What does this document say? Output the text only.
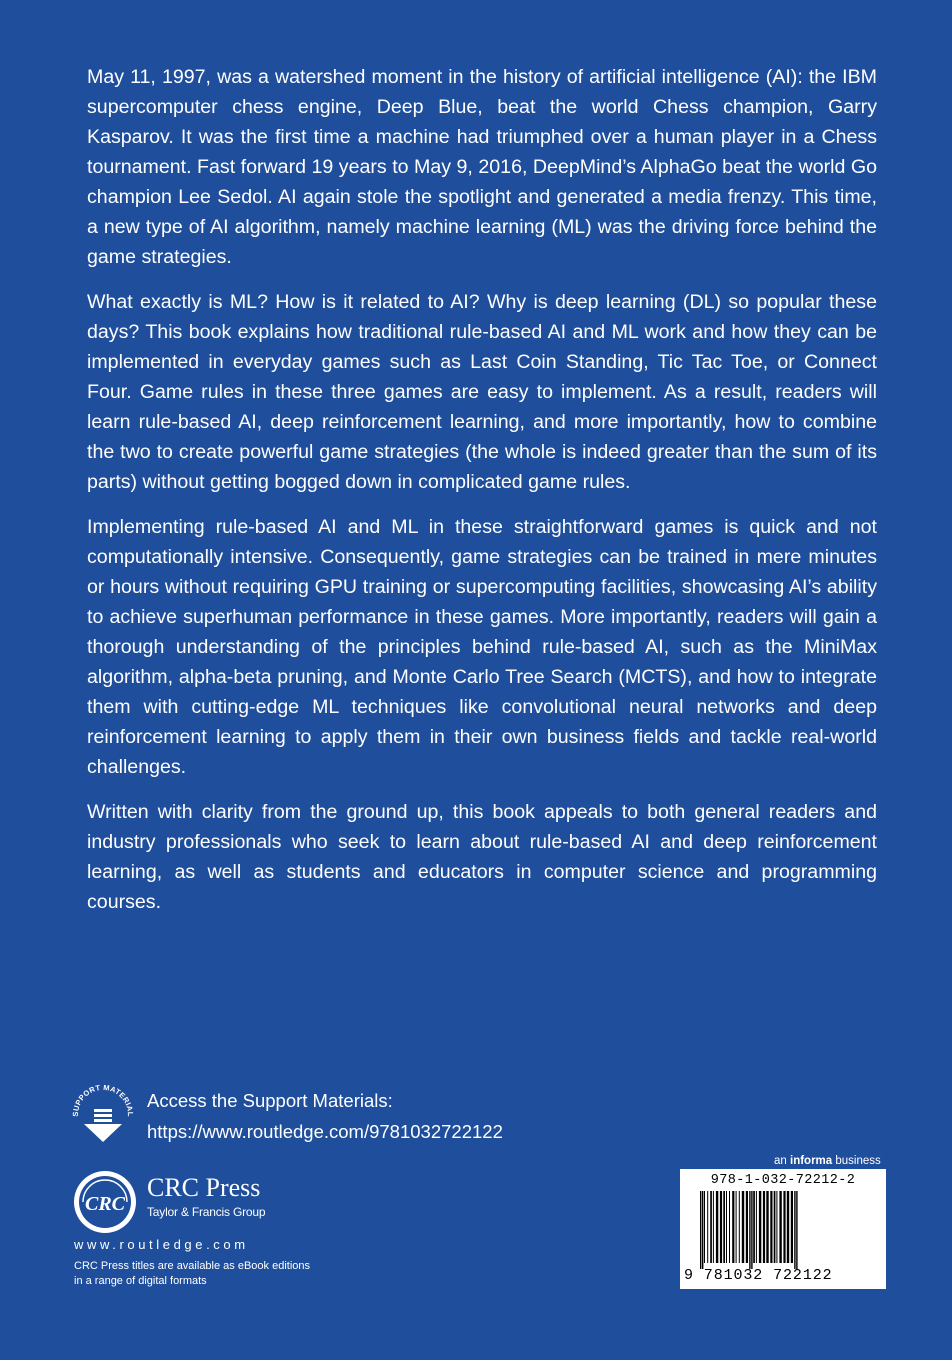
May 11, 1997, was a watershed moment in the history of artificial intelligence (AI): the IBM supercomputer chess engine, Deep Blue, beat the world Chess champion, Garry Kasparov. It was the first time a machine had triumphed over a human player in a Chess tournament. Fast forward 19 years to May 9, 2016, DeepMind’s AlphaGo beat the world Go champion Lee Sedol. AI again stole the spotlight and generated a media frenzy. This time, a new type of AI algorithm, namely machine learning (ML) was the driving force behind the game strategies.

What exactly is ML? How is it related to AI? Why is deep learning (DL) so popular these days? This book explains how traditional rule-based AI and ML work and how they can be implemented in everyday games such as Last Coin Standing, Tic Tac Toe, or Connect Four. Game rules in these three games are easy to implement. As a result, readers will learn rule-based AI, deep reinforcement learning, and more importantly, how to combine the two to create powerful game strategies (the whole is indeed greater than the sum of its parts) without getting bogged down in complicated game rules.

Implementing rule-based AI and ML in these straightforward games is quick and not computationally intensive. Consequently, game strategies can be trained in mere minutes or hours without requiring GPU training or supercomputing facilities, showcasing AI’s ability to achieve superhuman performance in these games. More importantly, readers will gain a thorough understanding of the principles behind rule-based AI, such as the MiniMax algorithm, alpha-beta pruning, and Monte Carlo Tree Search (MCTS), and how to integrate them with cutting-edge ML techniques like convolutional neural networks and deep reinforcement learning to apply them in their own business fields and tackle real-world challenges.

Written with clarity from the ground up, this book appeals to both general readers and industry professionals who seek to learn about rule-based AI and deep reinforcement learning, as well as students and educators in computer science and programming courses.

SUPPORT MATERIAL
Access the Support Materials:
https://www.routledge.com/9781032722122
CRC
CRC Press
Taylor & Francis Group
www.routledge.com
CRC Press titles are available as eBook editions
in a range of digital formats
an informa business
978-1-032-72212-2
9 781032 722122
